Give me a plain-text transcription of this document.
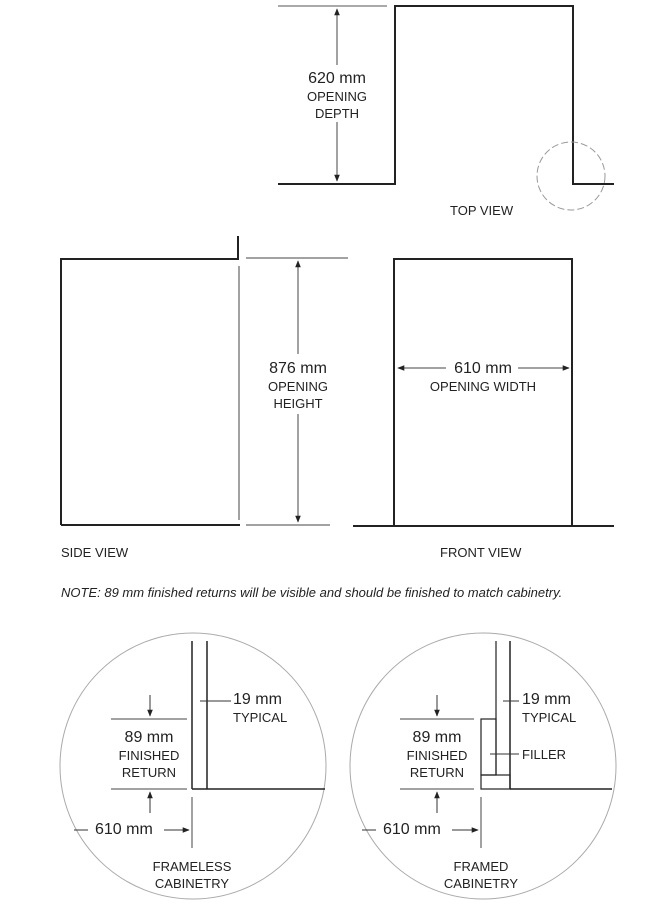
620 mm
OPENING
DEPTH
TOP VIEW
876 mm
OPENING
HEIGHT
SIDE VIEW
610 mm
OPENING WIDTH
FRONT VIEW
NOTE: 89 mm finished returns will be visible and should be finished to match cabinetry.
19 mm
TYPICAL
89 mm
FINISHED
RETURN
610 mm
FRAMELESS
CABINETRY
19 mm
TYPICAL
FILLER
89 mm
FINISHED
RETURN
610 mm
FRAMED
CABINETRY
